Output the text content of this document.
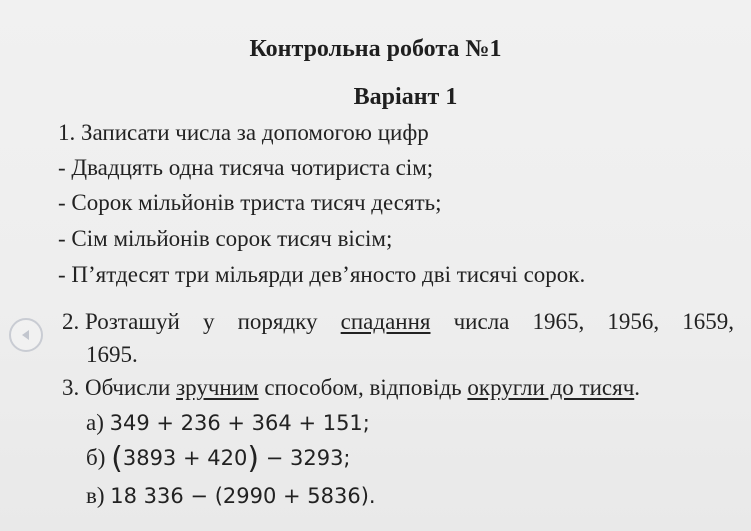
Контрольна робота №1
Варіант 1
1. Записати числа за допомогою цифр
- Двадцять одна тисяча чотириста сім;
- Сорок мільйонів триста тисяч десять;
- Сім мільйонів сорок тисяч вісім;
- П’ятдесят три мільярди дев’яносто дві тисячі сорок.
2. Розташуй у порядку спадання числа 1965, 1956, 1659,
1695.
3. Обчисли зручним способом, відповідь округли до тисяч.
а) 349 + 236 + 364 + 151;
б) (3893 + 420) − 3293;
в) 18 336 − (2990 + 5836).
